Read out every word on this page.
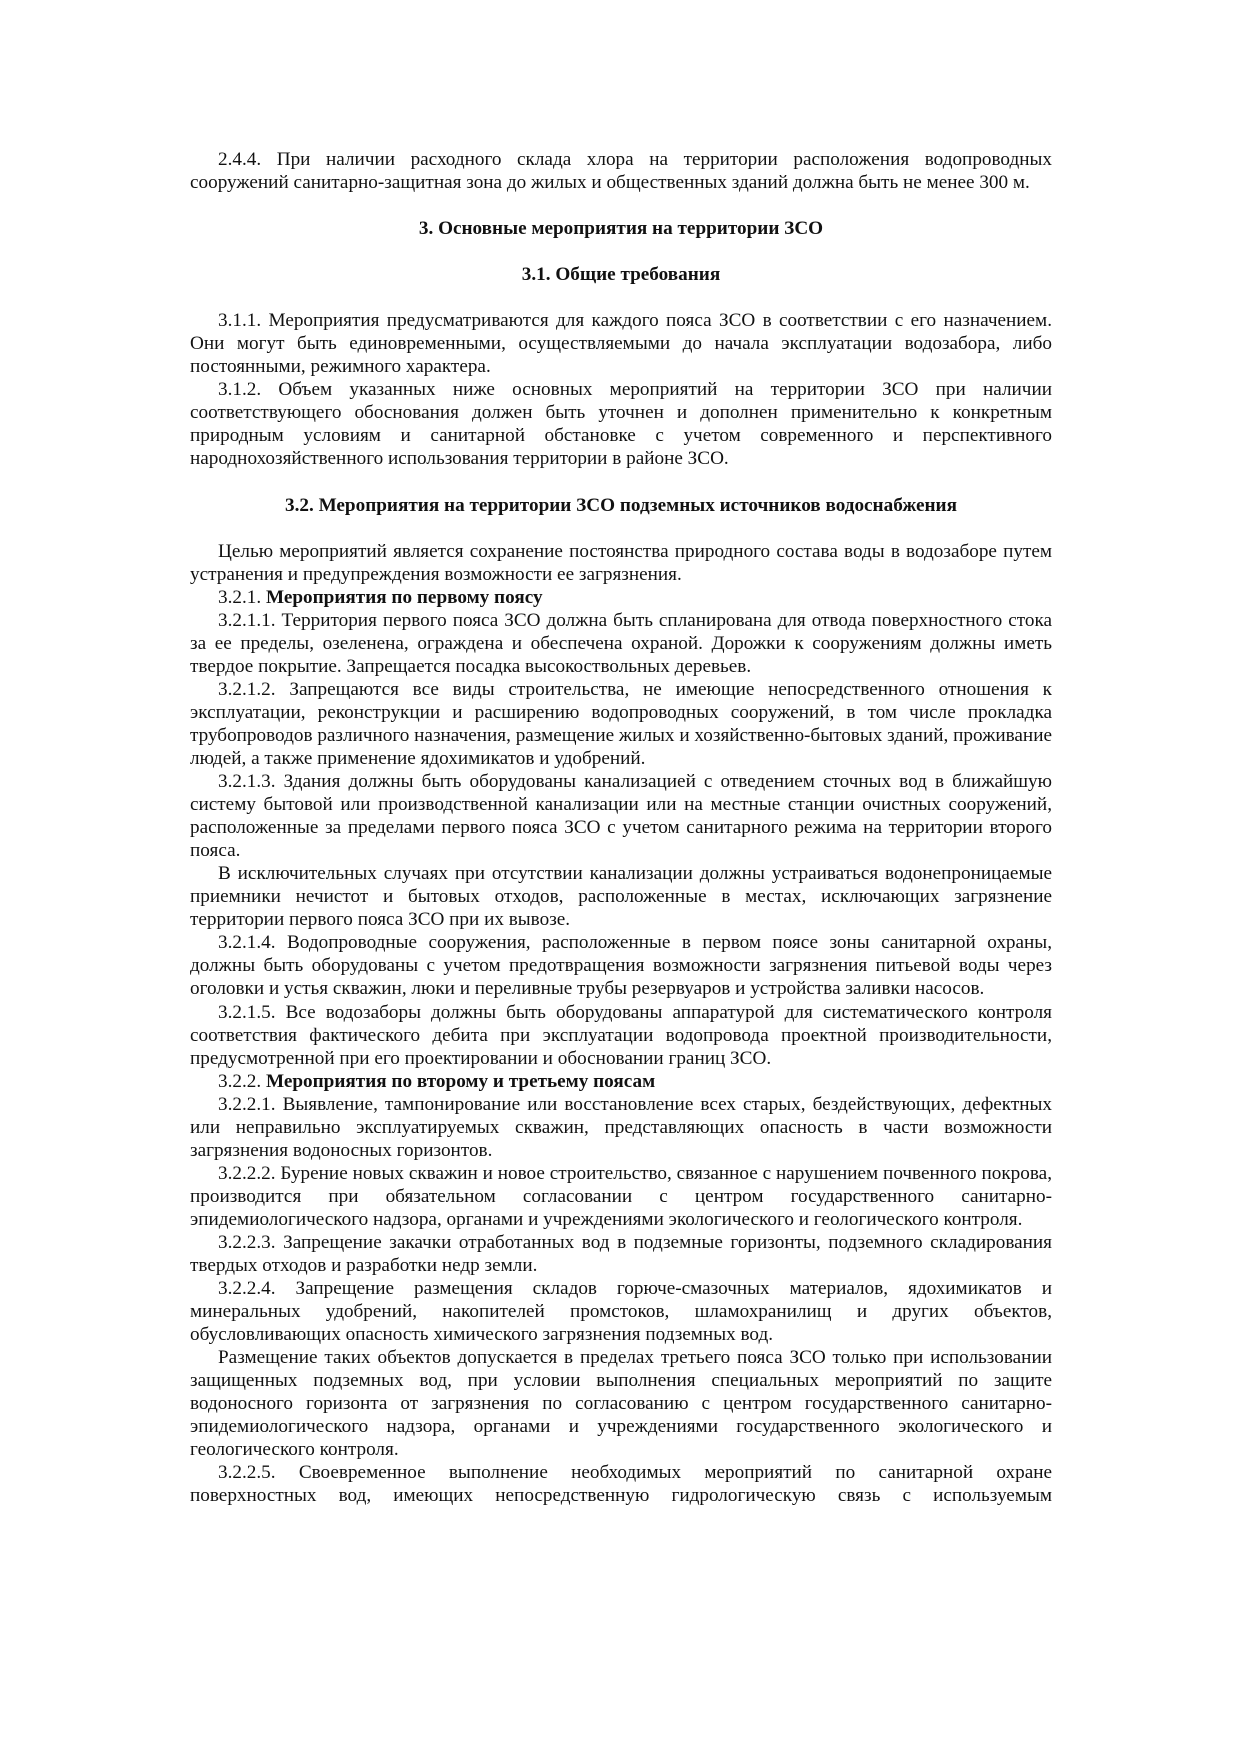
2.4.4. При наличии расходного склада хлора на территории расположения водопроводных сооружений санитарно-защитная зона до жилых и общественных зданий должна быть не менее 300 м.

3. Основные мероприятия на территории ЗСО
3.1. Общие требования

3.1.1. Мероприятия предусматриваются для каждого пояса ЗСО в соответствии с его назначением. Они могут быть единовременными, осуществляемыми до начала эксплуатации водозабора, либо постоянными, режимного характера.

3.1.2. Объем указанных ниже основных мероприятий на территории ЗСО при наличии соответствующего обоснования должен быть уточнен и дополнен применительно к конкретным природным условиям и санитарной обстановке с учетом современного и перспективного народнохозяйственного использования территории в районе ЗСО.

3.2. Мероприятия на территории ЗСО подземных источников водоснабжения

Целью мероприятий является сохранение постоянства природного состава воды в водозаборе путем устранения и предупреждения возможности ее загрязнения.

3.2.1. Мероприятия по первому поясу

3.2.1.1. Территория первого пояса ЗСО должна быть спланирована для отвода поверхностного стока за ее пределы, озеленена, ограждена и обеспечена охраной. Дорожки к сооружениям должны иметь твердое покрытие. Запрещается посадка высокоствольных деревьев.

3.2.1.2. Запрещаются все виды строительства, не имеющие непосредственного отношения к эксплуатации, реконструкции и расширению водопроводных сооружений, в том числе прокладка трубопроводов различного назначения, размещение жилых и хозяйственно-бытовых зданий, проживание людей, а также применение ядохимикатов и удобрений.

3.2.1.3. Здания должны быть оборудованы канализацией с отведением сточных вод в ближайшую систему бытовой или производственной канализации или на местные станции очистных сооружений, расположенные за пределами первого пояса ЗСО с учетом санитарного режима на территории второго пояса.

В исключительных случаях при отсутствии канализации должны устраиваться водонепроницаемые приемники нечистот и бытовых отходов, расположенные в местах, исключающих загрязнение территории первого пояса ЗСО при их вывозе.

3.2.1.4. Водопроводные сооружения, расположенные в первом поясе зоны санитарной охраны, должны быть оборудованы с учетом предотвращения возможности загрязнения питьевой воды через оголовки и устья скважин, люки и переливные трубы резервуаров и устройства заливки насосов.

3.2.1.5. Все водозаборы должны быть оборудованы аппаратурой для систематического контроля соответствия фактического дебита при эксплуатации водопровода проектной производительности, предусмотренной при его проектировании и обосновании границ ЗСО.

3.2.2. Мероприятия по второму и третьему поясам

3.2.2.1. Выявление, тампонирование или восстановление всех старых, бездействующих, дефектных или неправильно эксплуатируемых скважин, представляющих опасность в части возможности загрязнения водоносных горизонтов.

3.2.2.2. Бурение новых скважин и новое строительство, связанное с нарушением почвенного покрова, производится при обязательном согласовании с центром государственного санитарно-эпидемиологического надзора, органами и учреждениями экологического и геологического контроля.

3.2.2.3. Запрещение закачки отработанных вод в подземные горизонты, подземного складирования твердых отходов и разработки недр земли.

3.2.2.4. Запрещение размещения складов горюче-смазочных материалов, ядохимикатов и минеральных удобрений, накопителей промстоков, шламохранилищ и других объектов, обусловливающих опасность химического загрязнения подземных вод.

Размещение таких объектов допускается в пределах третьего пояса ЗСО только при использовании защищенных подземных вод, при условии выполнения специальных мероприятий по защите водоносного горизонта от загрязнения по согласованию с центром государственного санитарно-эпидемиологического надзора, органами и учреждениями государственного экологического и геологического контроля.

3.2.2.5. Своевременное выполнение необходимых мероприятий по санитарной охране поверхностных вод, имеющих непосредственную гидрологическую связь с используемым
